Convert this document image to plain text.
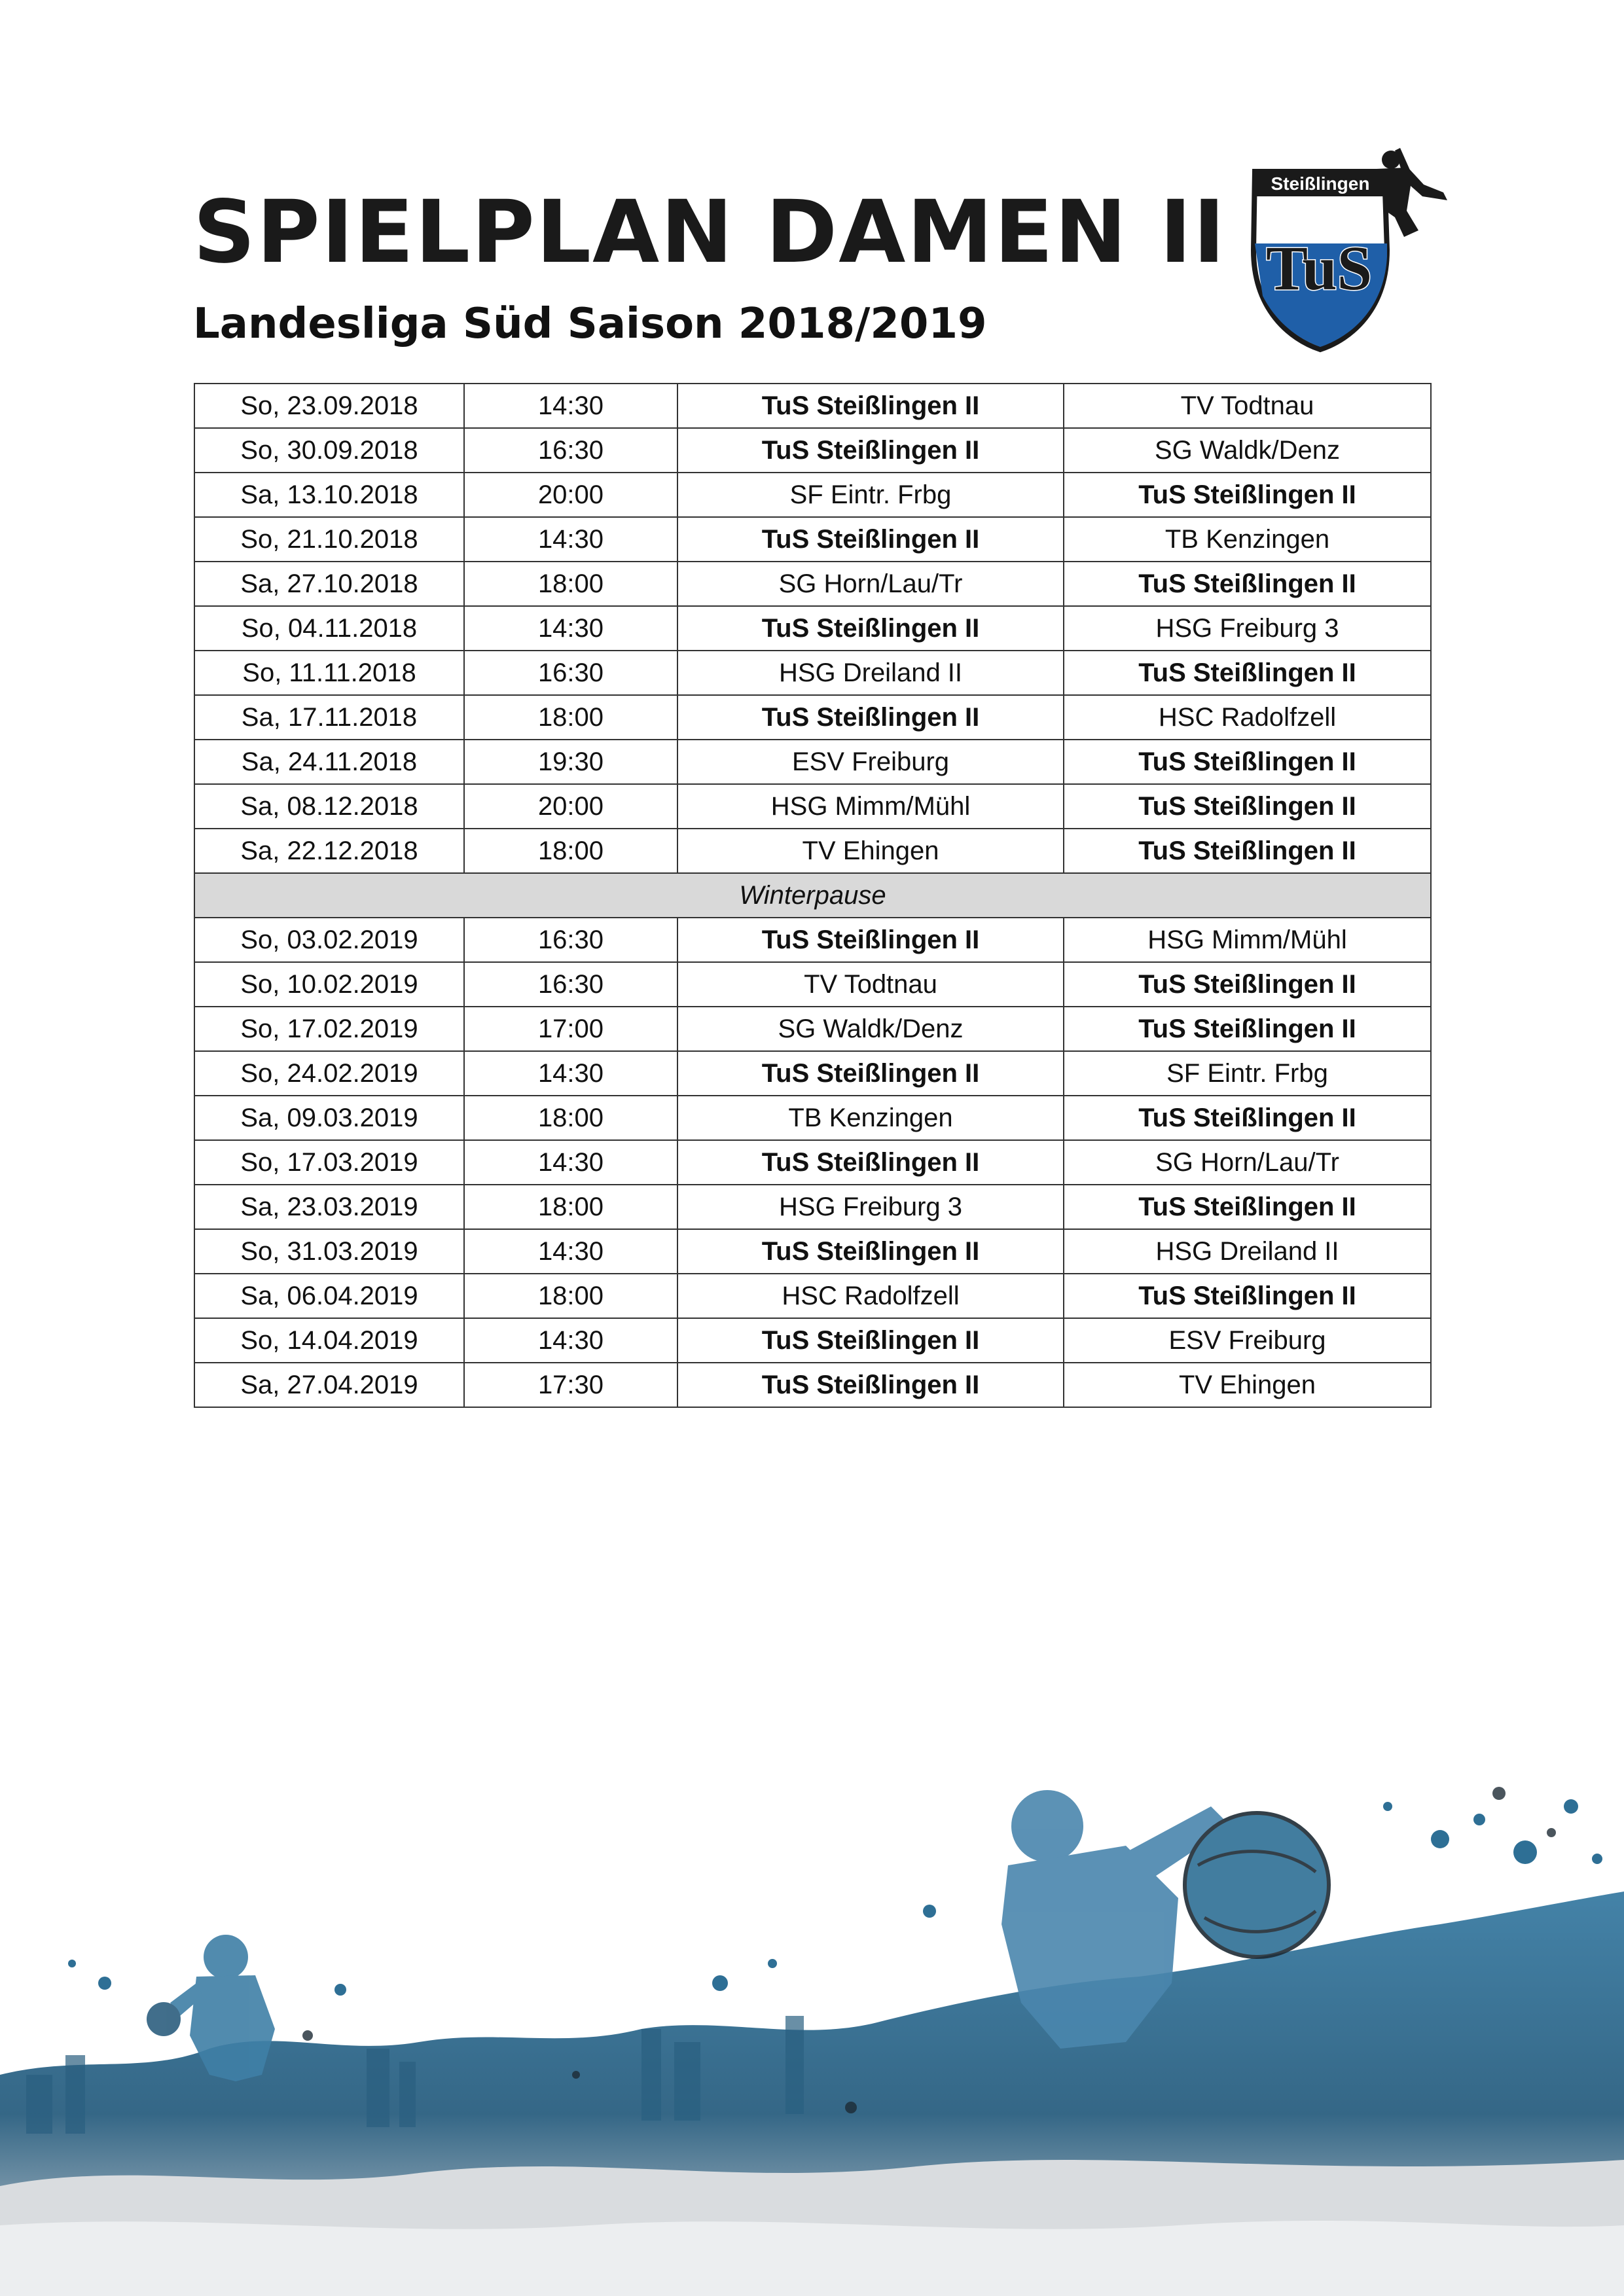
SPIELPLAN DAMEN II
Landesliga Süd Saison 2018/2019
Steißlingen
TuS
So, 23.09.2018	14:30	TuS Steißlingen II	TV Todtnau
So, 30.09.2018	16:30	TuS Steißlingen II	SG Waldk/Denz
Sa, 13.10.2018	20:00	SF Eintr. Frbg	TuS Steißlingen II
So, 21.10.2018	14:30	TuS Steißlingen II	TB Kenzingen
Sa, 27.10.2018	18:00	SG Horn/Lau/Tr	TuS Steißlingen II
So, 04.11.2018	14:30	TuS Steißlingen II	HSG Freiburg 3
So, 11.11.2018	16:30	HSG Dreiland II	TuS Steißlingen II
Sa, 17.11.2018	18:00	TuS Steißlingen II	HSC Radolfzell
Sa, 24.11.2018	19:30	ESV Freiburg	TuS Steißlingen II
Sa, 08.12.2018	20:00	HSG Mimm/Mühl	TuS Steißlingen II
Sa, 22.12.2018	18:00	TV Ehingen	TuS Steißlingen II
Winterpause			
So, 03.02.2019	16:30	TuS Steißlingen II	HSG Mimm/Mühl
So, 10.02.2019	16:30	TV Todtnau	TuS Steißlingen II
So, 17.02.2019	17:00	SG Waldk/Denz	TuS Steißlingen II
So, 24.02.2019	14:30	TuS Steißlingen II	SF Eintr. Frbg
Sa, 09.03.2019	18:00	TB Kenzingen	TuS Steißlingen II
So, 17.03.2019	14:30	TuS Steißlingen II	SG Horn/Lau/Tr
Sa, 23.03.2019	18:00	HSG Freiburg 3	TuS Steißlingen II
So, 31.03.2019	14:30	TuS Steißlingen II	HSG Dreiland II
Sa, 06.04.2019	18:00	HSC Radolfzell	TuS Steißlingen II
So, 14.04.2019	14:30	TuS Steißlingen II	ESV Freiburg
Sa, 27.04.2019	17:30	TuS Steißlingen II	TV Ehingen
